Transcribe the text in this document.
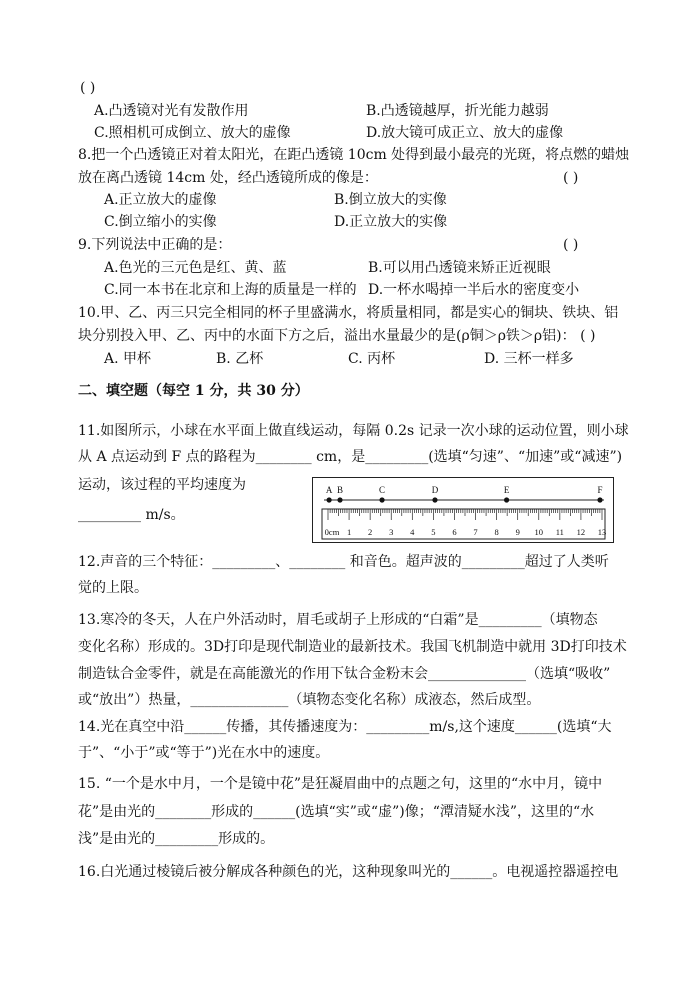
( )
A.凸透镜对光有发散作用	B.凸透镜越厚，折光能力越弱
C.照相机可成倒立、放大的虚像	D.放大镜可成正立、放大的虚像
8.把一个凸透镜正对着太阳光，在距凸透镜 10cm 处得到最小最亮的光斑，将点燃的蜡烛
放在离凸透镜 14cm 处，经凸透镜所成的像是：	( )
A.正立放大的虚像	B.倒立放大的实像
C.倒立缩小的实像	D.正立放大的实像
9.下列说法中正确的是：	( )
A.色光的三元色是红、黄、蓝	B.可以用凸透镜来矫正近视眼
C.同一本书在北京和上海的质量是一样的 D.一杯水喝掉一半后水的密度变小
10.甲、乙、丙三只完全相同的杯子里盛满水，将质量相同，都是实心的铜块、铁块、铝
块分别投入甲、乙、丙中的水面下方之后，溢出水量最少的是(ρ铜＞ρ铁＞ρ铝)： ( )
A. 甲杯	B. 乙杯	C. 丙杯	D. 三杯一样多
二、填空题（每空 1 分，共 30 分）
11.如图所示，小球在水平面上做直线运动，每隔 0.2s 记录一次小球的运动位置，则小球
从 A 点运动到 F 点的路程为________ cm，是_________(选填“匀速”、“加速”或“减速”)
运动，该过程的平均速度为
_________ m/s。
A B	C	D	E	F
0cm 1 2 3 4 5 6 7 8 9 10 11 12 13
12.声音的三个特征：_________、________ 和音色。超声波的_________超过了人类听
觉的上限。
13.寒冷的冬天，人在户外活动时，眉毛或胡子上形成的“白霜”是_________（填物态
变化名称）形成的。3D打印是现代制造业的最新技术。我国飞机制造中就用 3D打印技术
制造钛合金零件，就是在高能激光的作用下钛合金粉末会______________（选填“吸收”
或“放出”）热量，______________（填物态变化名称）成液态，然后成型。
14.光在真空中沿______传播，其传播速度为：_________m/s,这个速度______(选填“大
于”、“小于”或“等于”)光在水中的速度。
15. “一个是水中月，一个是镜中花”是狂凝眉曲中的点题之句，这里的“水中月，镜中
花”是由光的________形成的______(选填“实”或“虚”)像；“潭清疑水浅”，这里的“水
浅”是由光的_________形成的。
16.白光通过棱镜后被分解成各种颜色的光，这种现象叫光的______。电视遥控器遥控电
